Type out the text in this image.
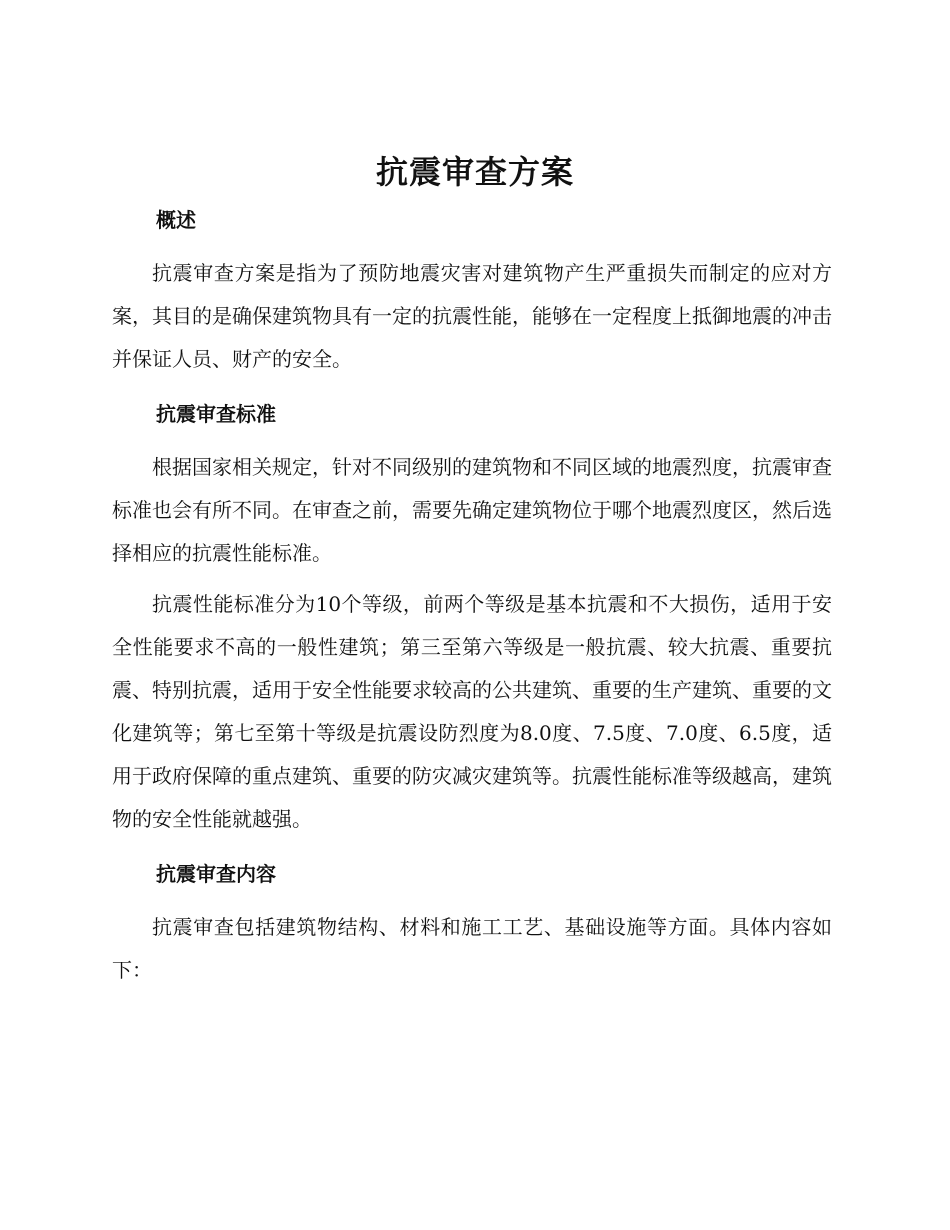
抗震审查方案
概述

抗震审查方案是指为了预防地震灾害对建筑物产生严重损失而制定的应对方案，其目的是确保建筑物具有一定的抗震性能，能够在一定程度上抵御地震的冲击并保证人员、财产的安全。

抗震审查标准

根据国家相关规定，针对不同级别的建筑物和不同区域的地震烈度，抗震审查标准也会有所不同。在审查之前，需要先确定建筑物位于哪个地震烈度区，然后选择相应的抗震性能标准。

抗震性能标准分为10个等级，前两个等级是基本抗震和不大损伤，适用于安全性能要求不高的一般性建筑；第三至第六等级是一般抗震、较大抗震、重要抗震、特别抗震，适用于安全性能要求较高的公共建筑、重要的生产建筑、重要的文化建筑等；第七至第十等级是抗震设防烈度为8.0度、7.5度、7.0度、6.5度，适用于政府保障的重点建筑、重要的防灾减灾建筑等。抗震性能标准等级越高，建筑物的安全性能就越强。

抗震审查内容

抗震审查包括建筑物结构、材料和施工工艺、基础设施等方面。具体内容如下：
